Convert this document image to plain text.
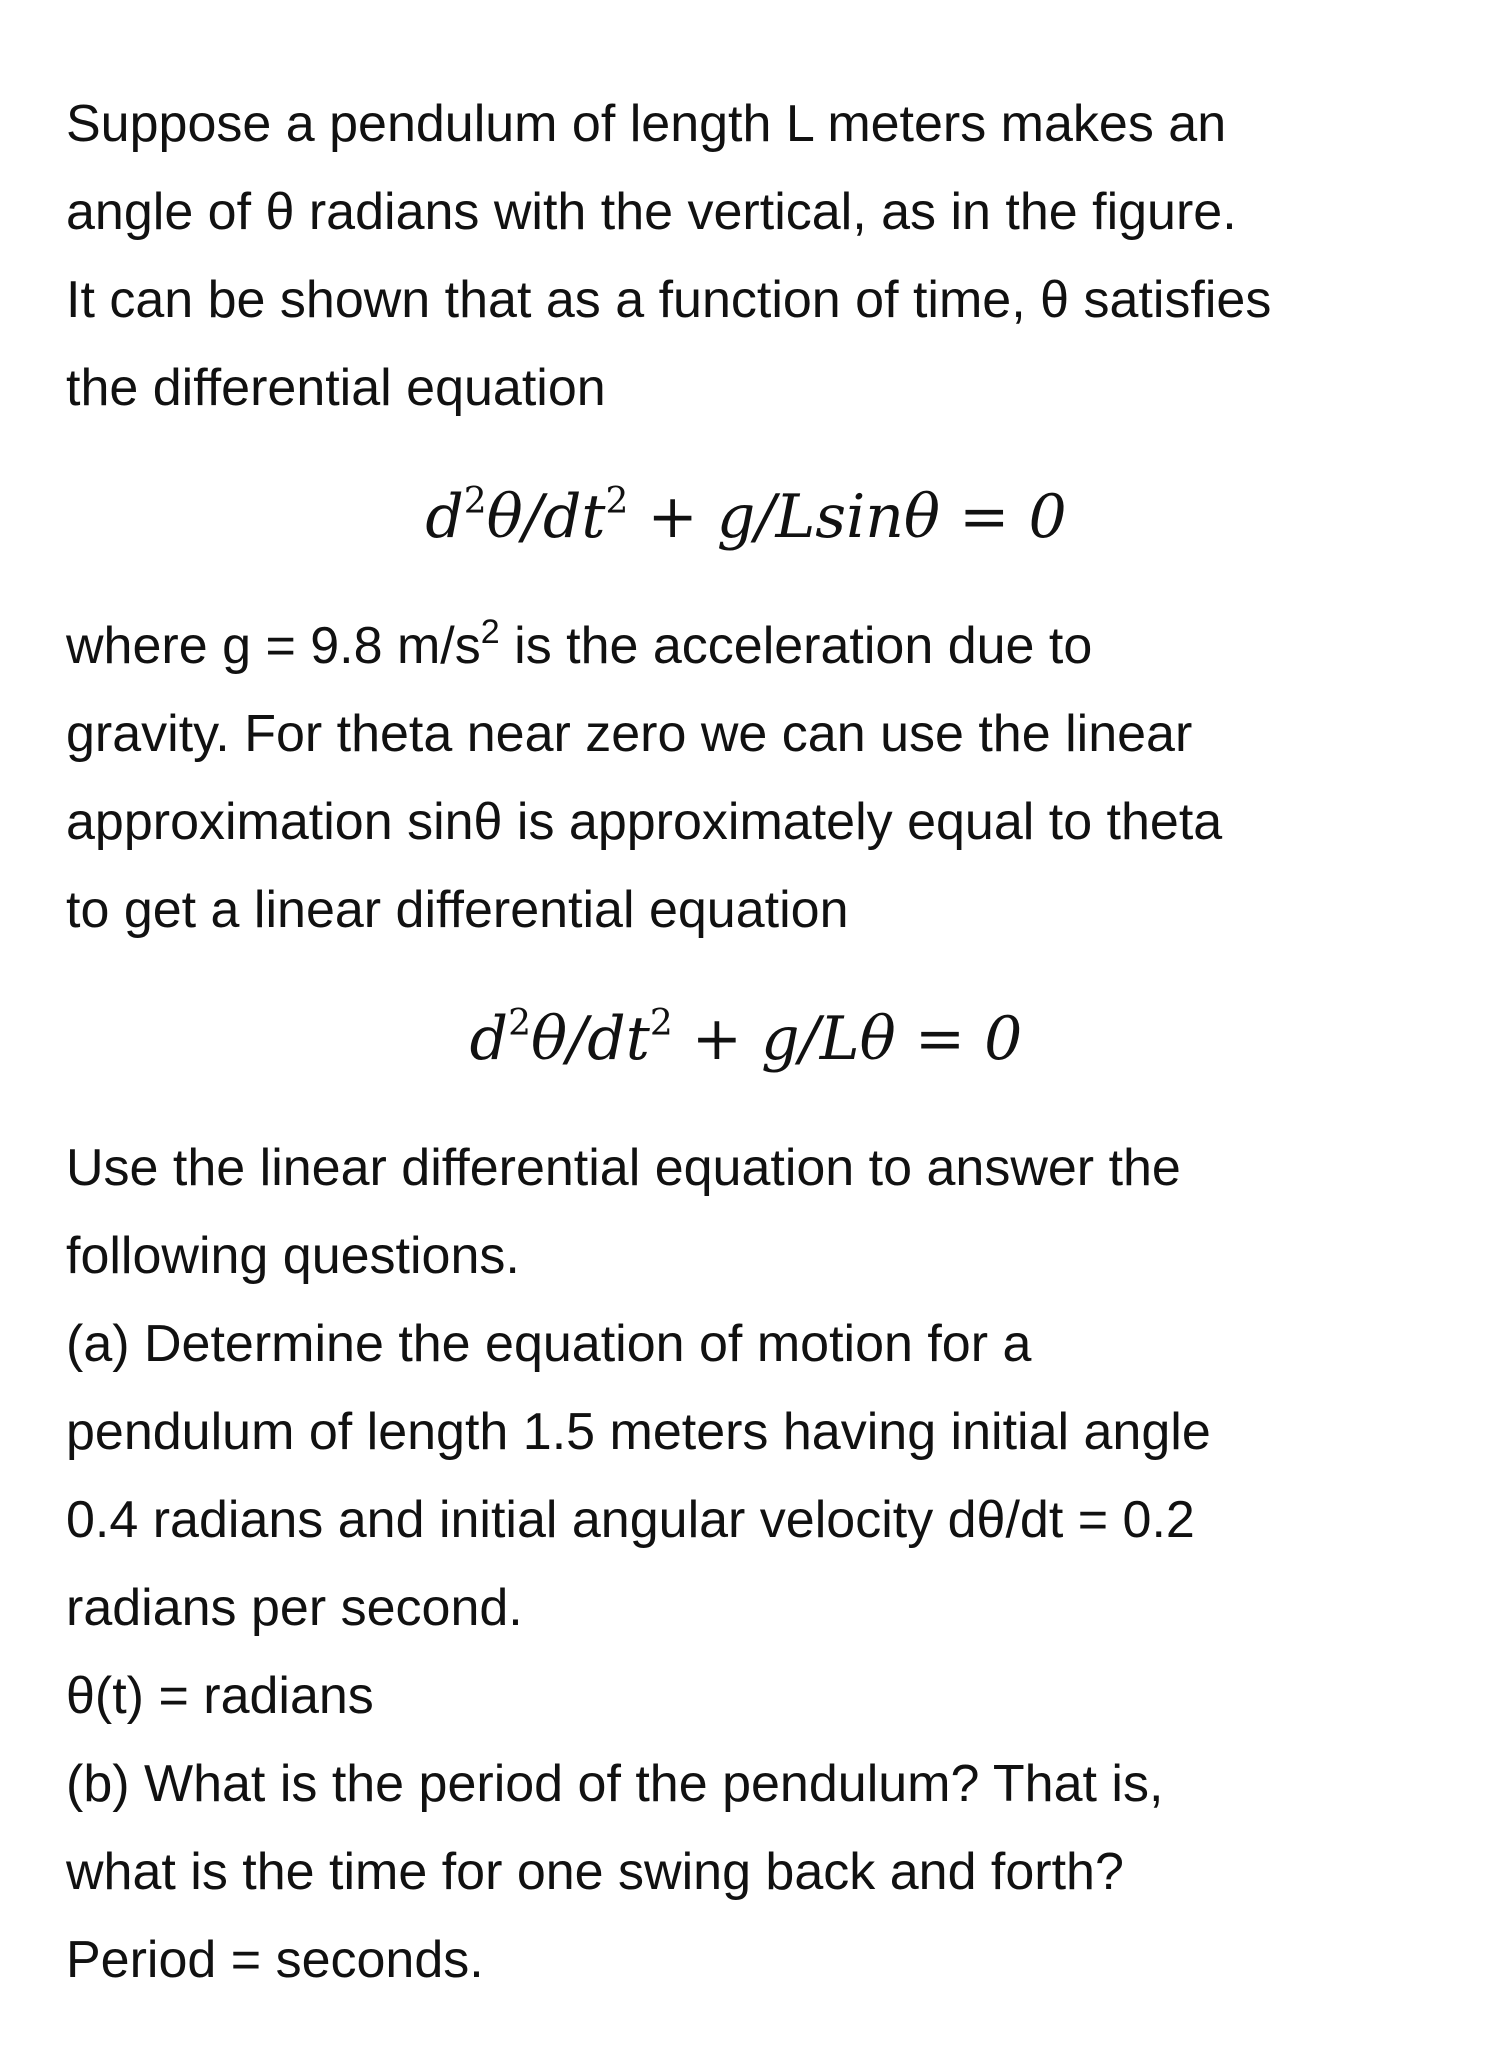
Suppose a pendulum of length L meters makes an
angle of θ radians with the vertical, as in the figure.
It can be shown that as a function of time, θ satisfies
the differential equation
$d^2\theta/dt^2 + g/Lsin\theta = 0$
where g = 9.8 $m/s^2$ is the acceleration due to
gravity. For theta near zero we can use the linear
approximation sinθ is approximately equal to theta
to get a linear differential equation
$d^2\theta/dt^2 + g/L\theta = 0$
Use the linear differential equation to answer the
following questions.
(a) Determine the equation of motion for a
pendulum of length 1.5 meters having initial angle
0.4 radians and initial angular velocity dθ/dt = 0.2
radians per second.
θ(t) = radians
(b) What is the period of the pendulum? That is,
what is the time for one swing back and forth?
Period = seconds.
